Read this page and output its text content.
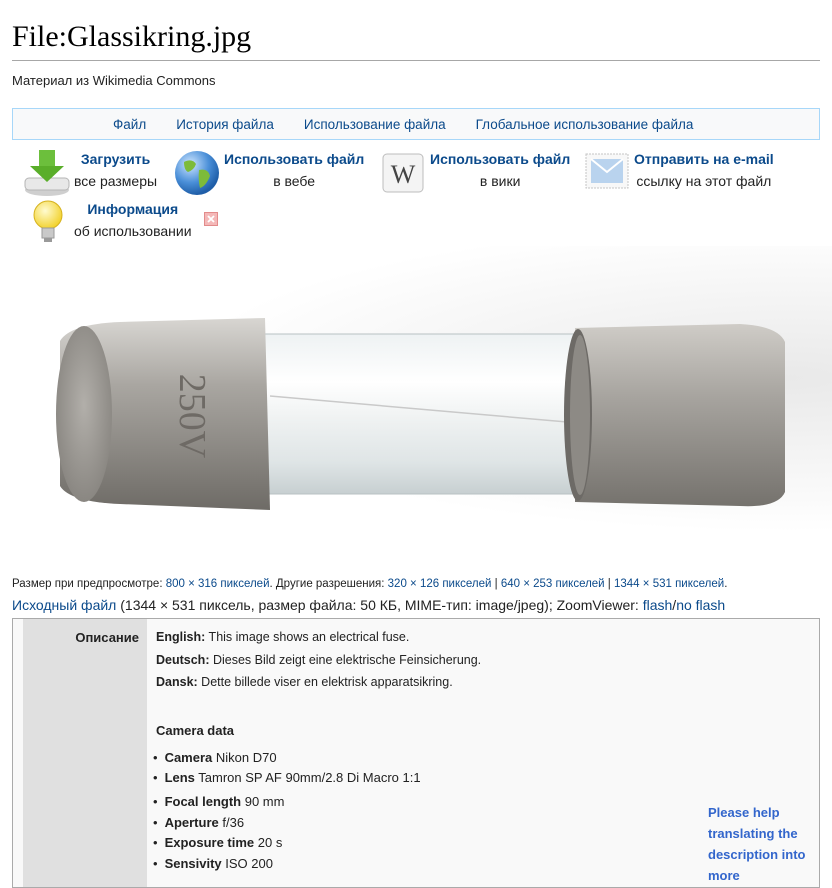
File:Glassikring.jpg
Материал из Wikimedia Commons
Файл История файла Использование файла Глобальное использование файла
Загрузить
все размеры
Использовать файл
в вебе	W
Использовать файл
в вики
Отправить на e-mail
ссылку на этот файл
Информация
об использовании
250V
Размер при предпросмотре: 800 × 316 пикселей. Другие разрешения: 320 × 126 пикселей | 640 × 253 пикселей | 1344 × 531 пикселей.
Исходный файл (1344 × 531 пиксель, размер файла: 50 КБ, MIME-тип: image/jpeg); ZoomViewer: flash/no flash
Описание English: This image shows an electrical fuse.
Deutsch: Dieses Bild zeigt eine elektrische Feinsicherung.
Dansk: Dette billede viser en elektrisk apparatsikring.
Camera data
• Camera Nikon D70
• Lens Tamron SP AF 90mm/2.8 Di Macro 1:1
• Focal length 90 mm
• Aperture f/36
• Exposure time 20 s
• Sensivity ISO 200
Please help translating the description into more
